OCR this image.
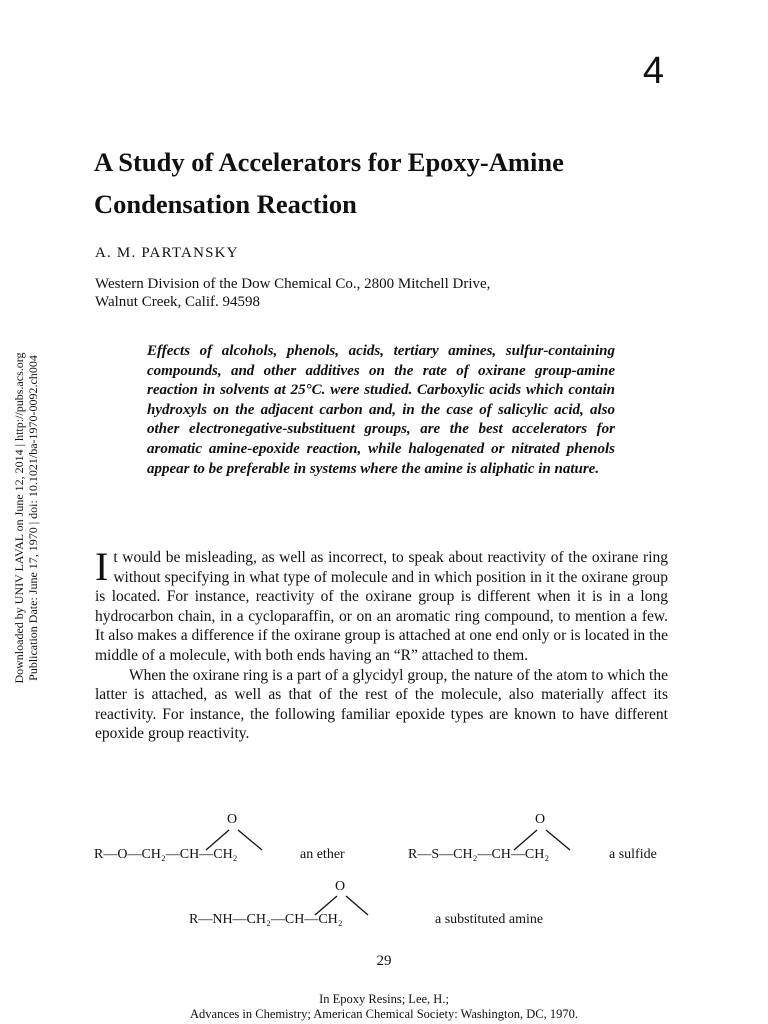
4
A Study of Accelerators for Epoxy-Amine Condensation Reaction
A. M. PARTANSKY
Western Division of the Dow Chemical Co., 2800 Mitchell Drive,
Walnut Creek, Calif. 94598

Effects of alcohols, phenols, acids, tertiary amines, sulfur-containing compounds, and other additives on the rate of oxirane group-amine reaction in solvents at 25°C. were studied. Carboxylic acids which contain hydroxyls on the adjacent carbon and, in the case of salicylic acid, also other electronegative-substituent groups, are the best accelerators for aromatic amine-epoxide reaction, while halogenated or nitrated phenols appear to be preferable in systems where the amine is aliphatic in nature.

Downloaded by UNIV LAVAL on June 12, 2014 | http://pubs.acs.org Publication Date: June 17, 1970 | doi: 10.1021/ba-1970-0092.ch004 It would be misleading, as well as incorrect, to speak about reactivity of the oxirane ring without specifying in what type of molecule and in which position in it the oxirane group is located. For instance, reactivity of the oxirane group is different when it is in a long hydrocarbon chain, in a cycloparaffin, or on an aromatic ring compound, to mention a few. It also makes a difference if the oxirane group is attached at one end only or is located in the middle of a molecule, with both ends having an “R” attached to them.

When the oxirane ring is a part of a glycidyl group, the nature of the atom to which the latter is attached, as well as that of the rest of the molecule, also materially affect its reactivity. For instance, the following familiar epoxide types are known to have different epoxide group reactivity.

O
R—O—CH₂—CH—CH₂	an ether
O
R—S—CH₂—CH—CH₂	a sulfide
O
R—NH—CH₂—CH—CH₂	a substituted amine
29
In Epoxy Resins; Lee, H.;
Advances in Chemistry; American Chemical Society: Washington, DC, 1970.
